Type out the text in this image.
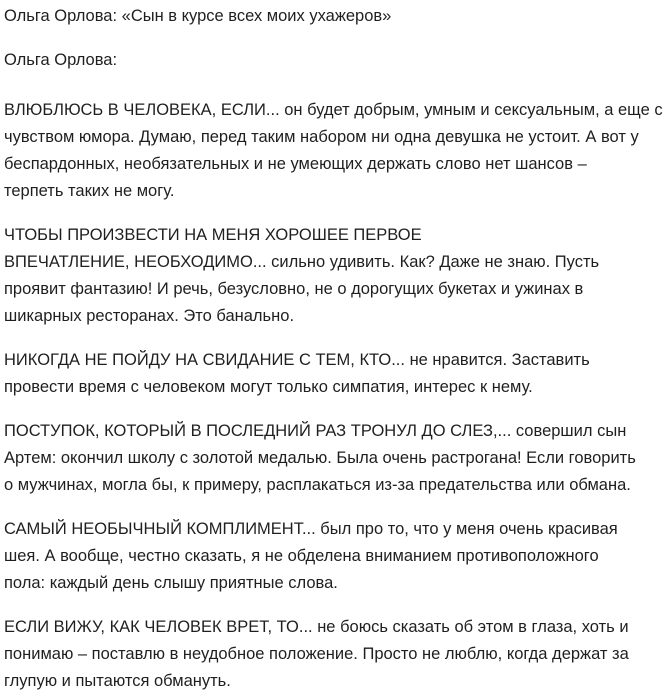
Ольга Орлова: «Сын в курсе всех моих ухажеров»
Ольга Орлова:
ВЛЮБЛЮСЬ В ЧЕЛОВЕКА, ЕСЛИ... он будет добрым, умным и сексуальным, а еще с
чувством юмора. Думаю, перед таким набором ни одна девушка не устоит. А вот у
беспардонных, необязательных и не умеющих держать слово нет шансов –
терпеть таких не могу.
ЧТОБЫ ПРОИЗВЕСТИ НА МЕНЯ ХОРОШЕЕ ПЕРВОЕ
ВПЕЧАТЛЕНИЕ, НЕОБХОДИМО... сильно удивить. Как? Даже не знаю. Пусть
проявит фантазию! И речь, безусловно, не о дорогущих букетах и ужинах в
шикарных ресторанах. Это банально.
НИКОГДА НЕ ПОЙДУ НА СВИДАНИЕ С ТЕМ, КТО... не нравится. Заставить
провести время с человеком могут только симпатия, интерес к нему.
ПОСТУПОК, КОТОРЫЙ В ПОСЛЕДНИЙ РАЗ ТРОНУЛ ДО СЛЕЗ,... совершил сын
Артем: окончил школу с золотой медалью. Была очень растрогана! Если говорить
о мужчинах, могла бы, к примеру, расплакаться из-за предательства или обмана.
САМЫЙ НЕОБЫЧНЫЙ КОМПЛИМЕНТ... был про то, что у меня очень красивая
шея. А вообще, честно сказать, я не обделена вниманием противоположного
пола: каждый день слышу приятные слова.
ЕСЛИ ВИЖУ, КАК ЧЕЛОВЕК ВРЕТ, ТО... не боюсь сказать об этом в глаза, хоть и
понимаю – поставлю в неудобное положение. Просто не люблю, когда держат за
глупую и пытаются обмануть.
